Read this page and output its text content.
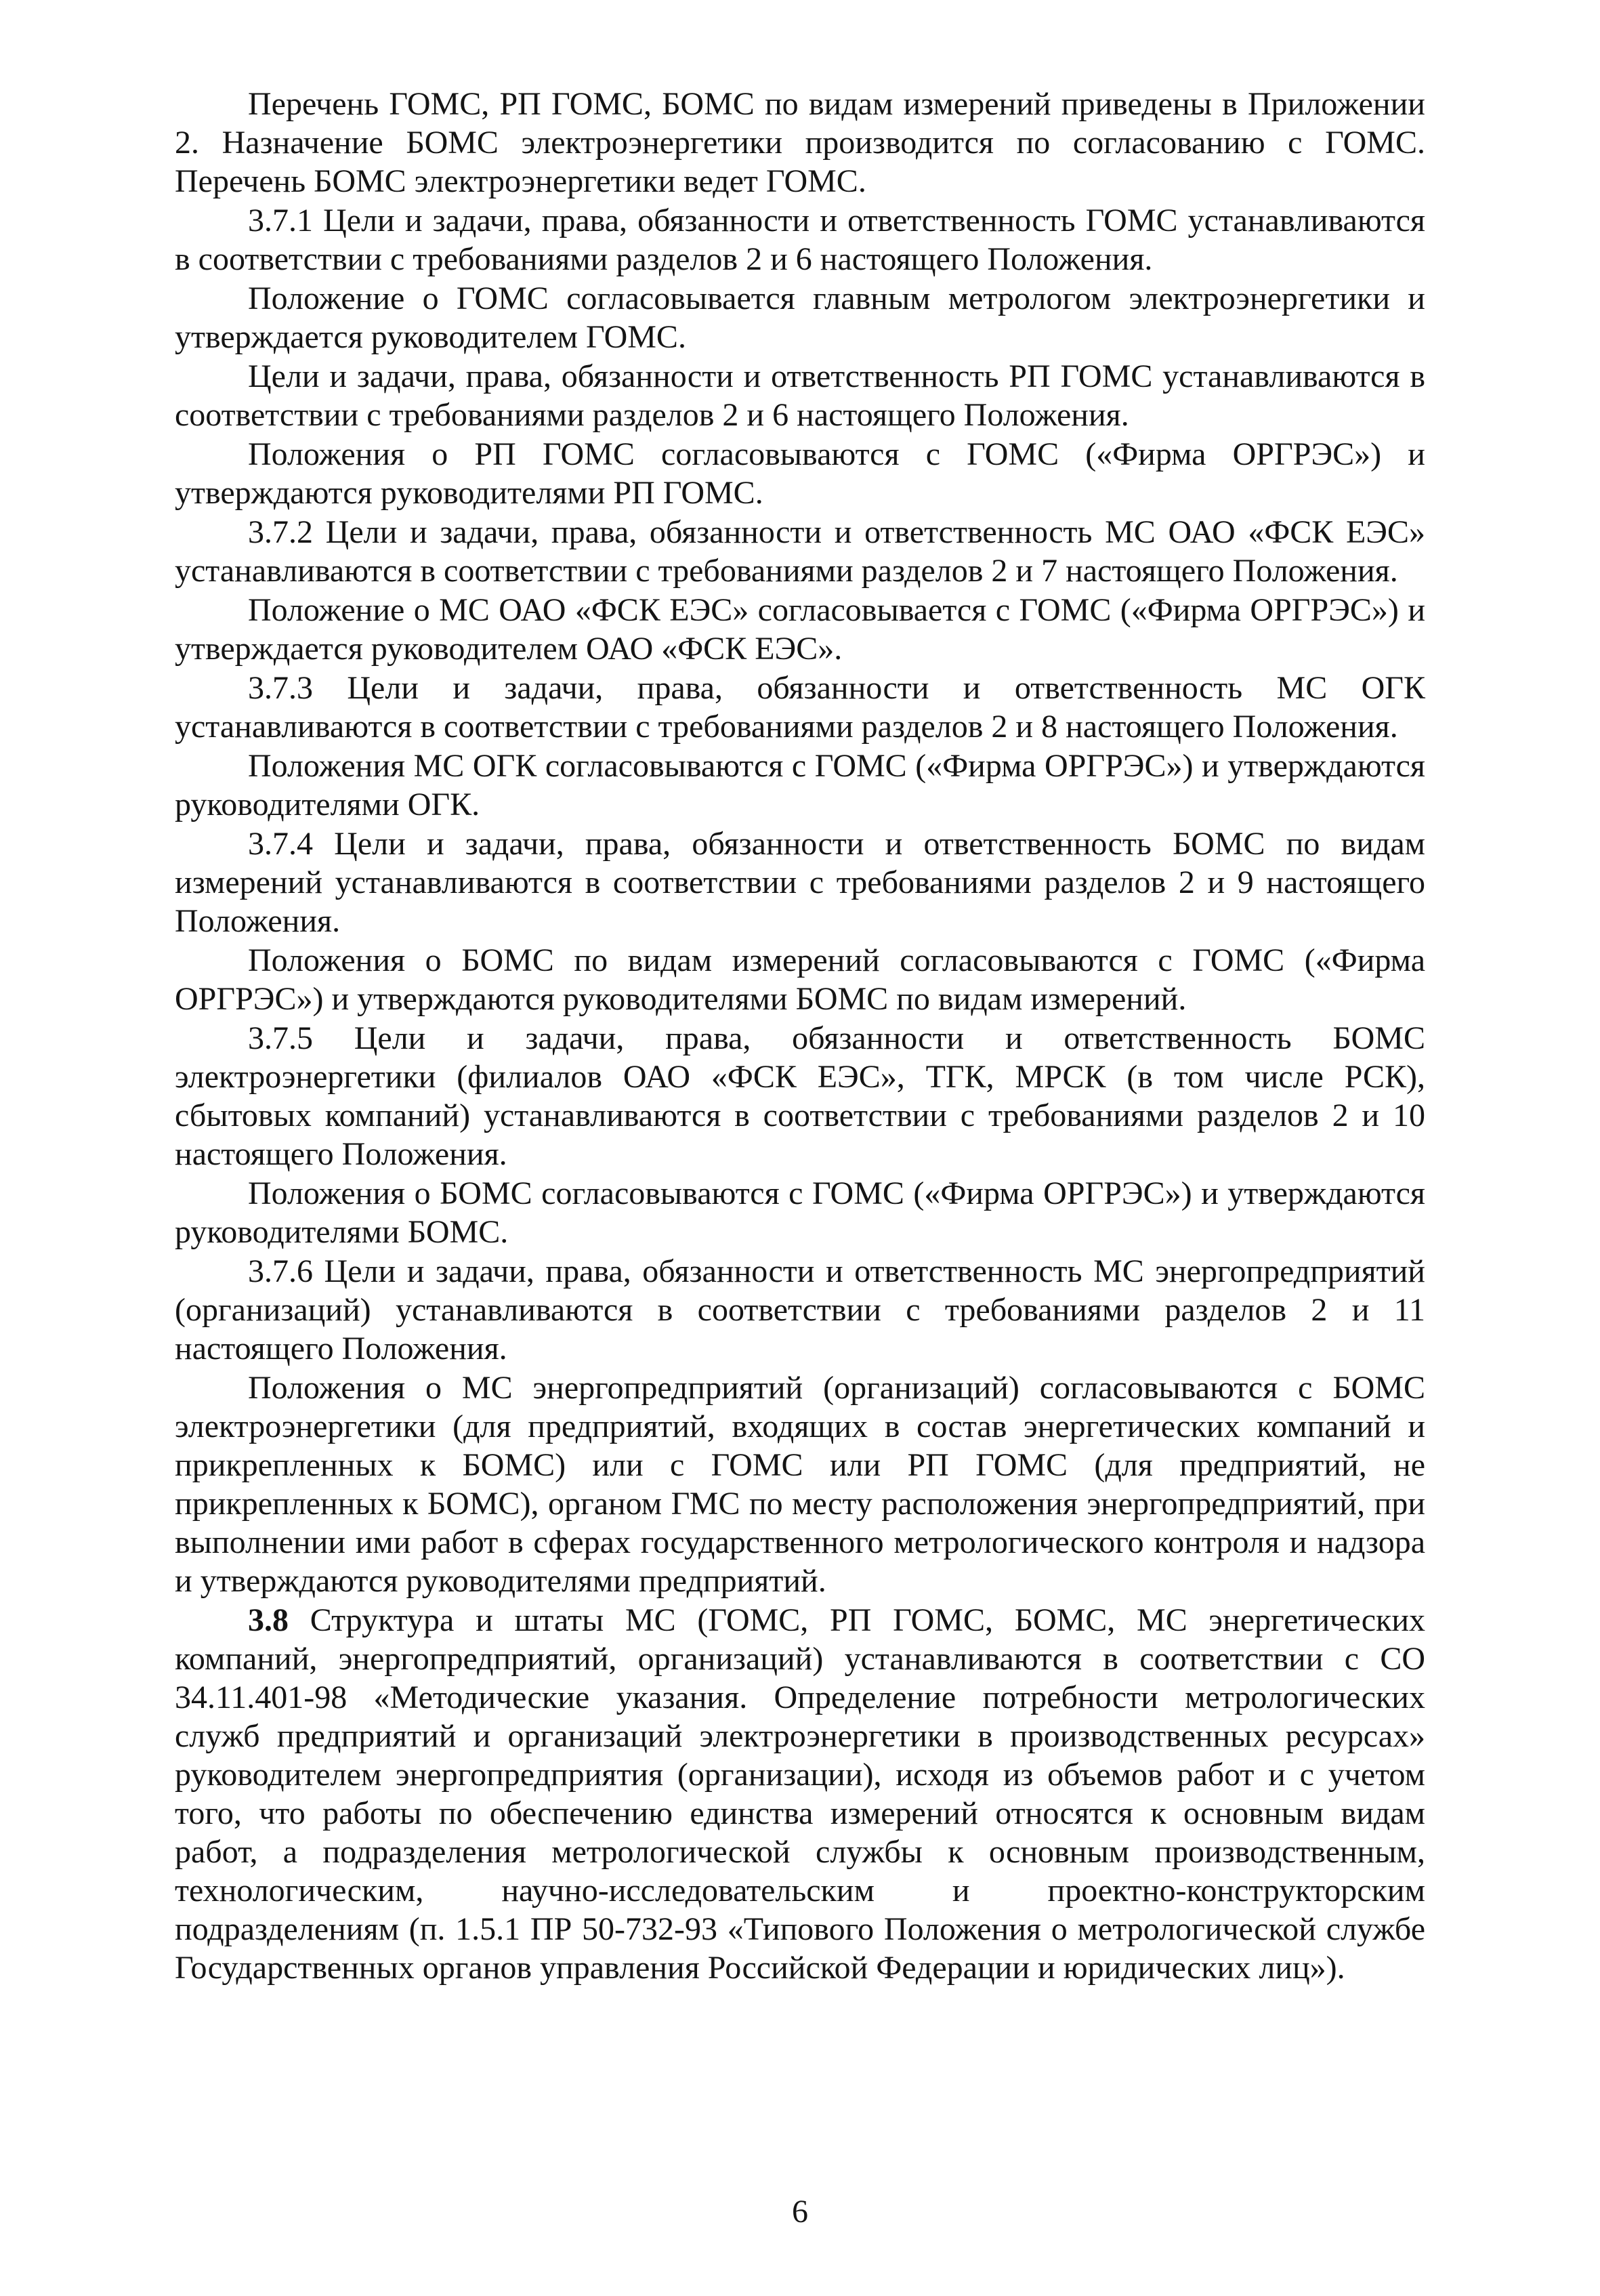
Перечень ГОМС, РП ГОМС, БОМС по видам измерений приведены в Приложении 2. Назначение БОМС электроэнергетики производится по согласованию с ГОМС. Перечень БОМС электроэнергетики ведет ГОМС.

3.7.1 Цели и задачи, права, обязанности и ответственность ГОМС устанавливаются в соответствии с требованиями разделов 2 и 6 настоящего Положения.

Положение о ГОМС согласовывается главным метрологом электроэнергетики и утверждается руководителем ГОМС.

Цели и задачи, права, обязанности и ответственность РП ГОМС устанавливаются в соответствии с требованиями разделов 2 и 6 настоящего Положения.

Положения о РП ГОМС согласовываются с ГОМС («Фирма ОРГРЭС») и утверждаются руководителями РП ГОМС.

3.7.2 Цели и задачи, права, обязанности и ответственность МС ОАО «ФСК ЕЭС» устанавливаются в соответствии с требованиями разделов 2 и 7 настоящего Положения.

Положение о МС ОАО «ФСК ЕЭС» согласовывается с ГОМС («Фирма ОРГРЭС») и утверждается руководителем ОАО «ФСК ЕЭС».

3.7.3 Цели и задачи, права, обязанности и ответственность МС ОГК устанавливаются в соответствии с требованиями разделов 2 и 8 настоящего Положения.

Положения МС ОГК согласовываются с ГОМС («Фирма ОРГРЭС») и утверждаются руководителями ОГК.

3.7.4 Цели и задачи, права, обязанности и ответственность БОМС по видам измерений устанавливаются в соответствии с требованиями разделов 2 и 9 настоящего Положения.

Положения о БОМС по видам измерений согласовываются с ГОМС («Фирма ОРГРЭС») и утверждаются руководителями БОМС по видам измерений.

3.7.5 Цели и задачи, права, обязанности и ответственность БОМС электроэнергетики (филиалов ОАО «ФСК ЕЭС», ТГК, МРСК (в том числе РСК), сбытовых компаний) устанавливаются в соответствии с требованиями разделов 2 и 10 настоящего Положения.

Положения о БОМС согласовываются с ГОМС («Фирма ОРГРЭС») и утверждаются руководителями БОМС.

3.7.6 Цели и задачи, права, обязанности и ответственность МС энергопредприятий (организаций) устанавливаются в соответствии с требованиями разделов 2 и 11 настоящего Положения.

Положения о МС энергопредприятий (организаций) согласовываются с БОМС электроэнергетики (для предприятий, входящих в состав энергетических компаний и прикрепленных к БОМС) или с ГОМС или РП ГОМС (для предприятий, не прикрепленных к БОМС), органом ГМС по месту расположения энергопредприятий, при выполнении ими работ в сферах государственного метрологического контроля и надзора и утверждаются руководителями предприятий.

3.8 Структура и штаты МС (ГОМС, РП ГОМС, БОМС, МС энергетических компаний, энергопредприятий, организаций) устанавливаются в соответствии с СО 34.11.401-98 «Методические указания. Определение потребности метрологических служб предприятий и организаций электроэнергетики в производственных ресурсах» руководителем энергопредприятия (организации), исходя из объемов работ и с учетом того, что работы по обеспечению единства измерений относятся к основным видам работ, а подразделения метрологической службы к основным производственным, технологическим, научно-исследовательским и проектно-конструкторским подразделениям (п. 1.5.1 ПР 50-732-93 «Типового Положения о метрологической службе Государственных органов управления Российской Федерации и юридических лиц»).

6
